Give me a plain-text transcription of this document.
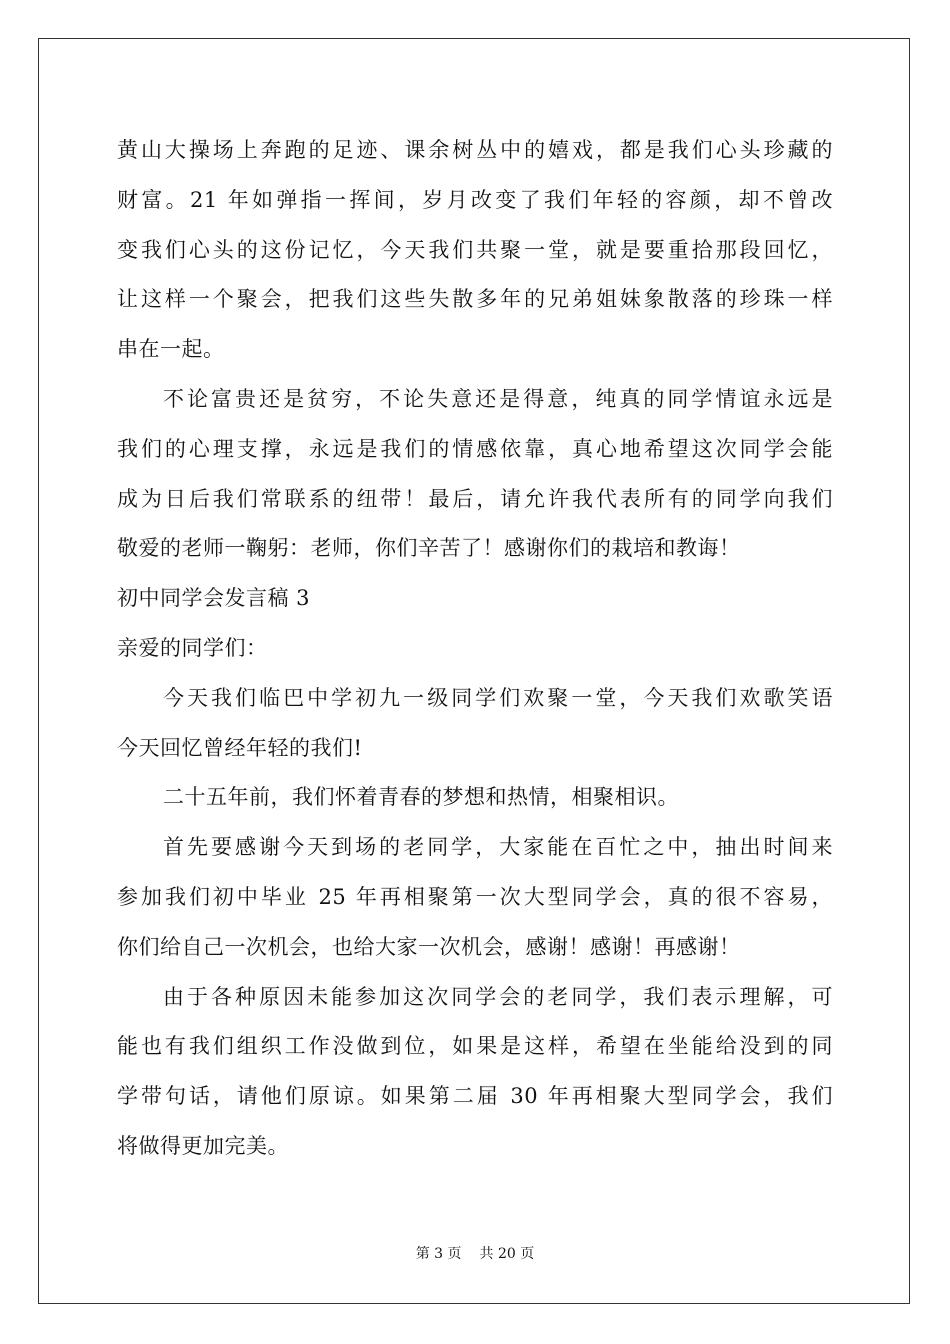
黄山大操场上奔跑的足迹、课余树丛中的嬉戏，都是我们心头珍藏的
财富。21 年如弹指一挥间，岁月改变了我们年轻的容颜，却不曾改
变我们心头的这份记忆，今天我们共聚一堂，就是要重拾那段回忆，
让这样一个聚会，把我们这些失散多年的兄弟姐妹象散落的珍珠一样
串在一起。
不论富贵还是贫穷，不论失意还是得意，纯真的同学情谊永远是
我们的心理支撑，永远是我们的情感依靠，真心地希望这次同学会能
成为日后我们常联系的纽带！最后，请允许我代表所有的同学向我们
敬爱的老师一鞠躬：老师，你们辛苦了！感谢你们的栽培和教诲！
初中同学会发言稿 3
亲爱的同学们：
今天我们临巴中学初九一级同学们欢聚一堂，今天我们欢歌笑语
今天回忆曾经年轻的我们!
二十五年前，我们怀着青春的梦想和热情，相聚相识。
首先要感谢今天到场的老同学，大家能在百忙之中，抽出时间来
参加我们初中毕业 25 年再相聚第一次大型同学会，真的很不容易，
你们给自己一次机会，也给大家一次机会，感谢！感谢！再感谢！
由于各种原因未能参加这次同学会的老同学，我们表示理解，可
能也有我们组织工作没做到位，如果是这样，希望在坐能给没到的同
学带句话，请他们原谅。如果第二届 30 年再相聚大型同学会，我们
将做得更加完美。
第 3 页 共 20 页
